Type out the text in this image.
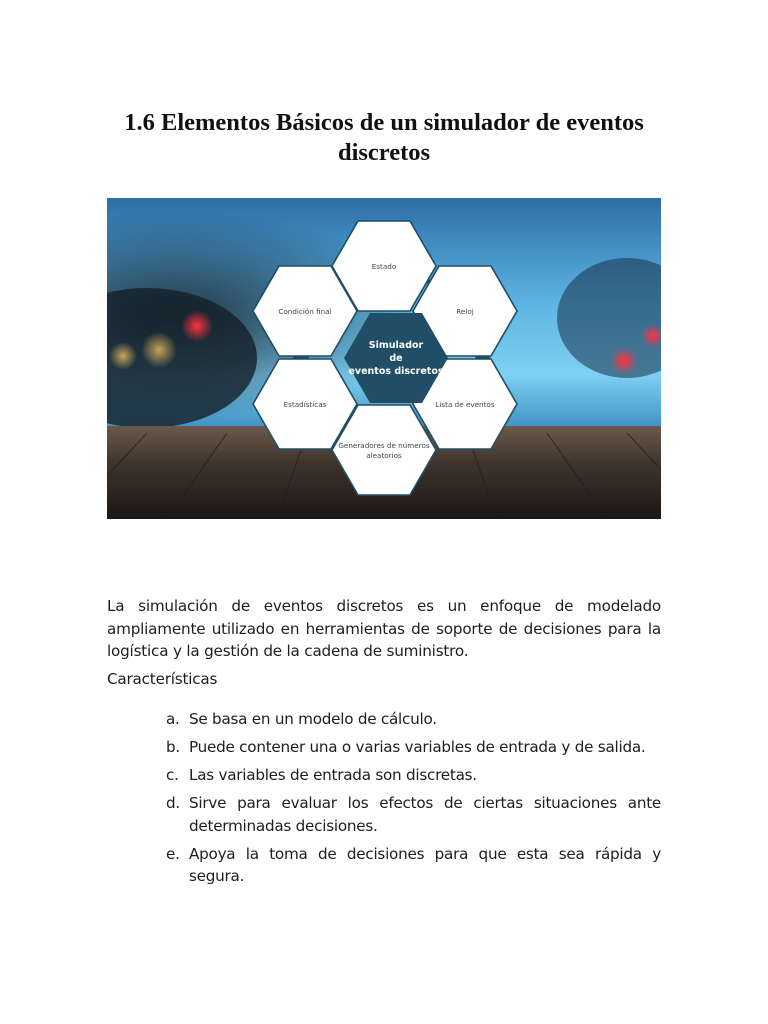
1.6 Elementos Básicos de un simulador de eventos discretos
Estado
Condición final	Reloj
Estadísticas	Lista de eventos
Generadores de números
aleatorios
Simulador
de
eventos discretos

La simulación de eventos discretos es un enfoque de modelado ampliamente utilizado en herramientas de soporte de decisiones para la logística y la gestión de la cadena de suministro.

Características
a. Se basa en un modelo de cálculo.
b. Puede contener una o varias variables de entrada y de salida.
c. Las variables de entrada son discretas.
d. Sirve para evaluar los efectos de ciertas situaciones ante determinadas decisiones.
e. Apoya la toma de decisiones para que esta sea rápida y segura.
